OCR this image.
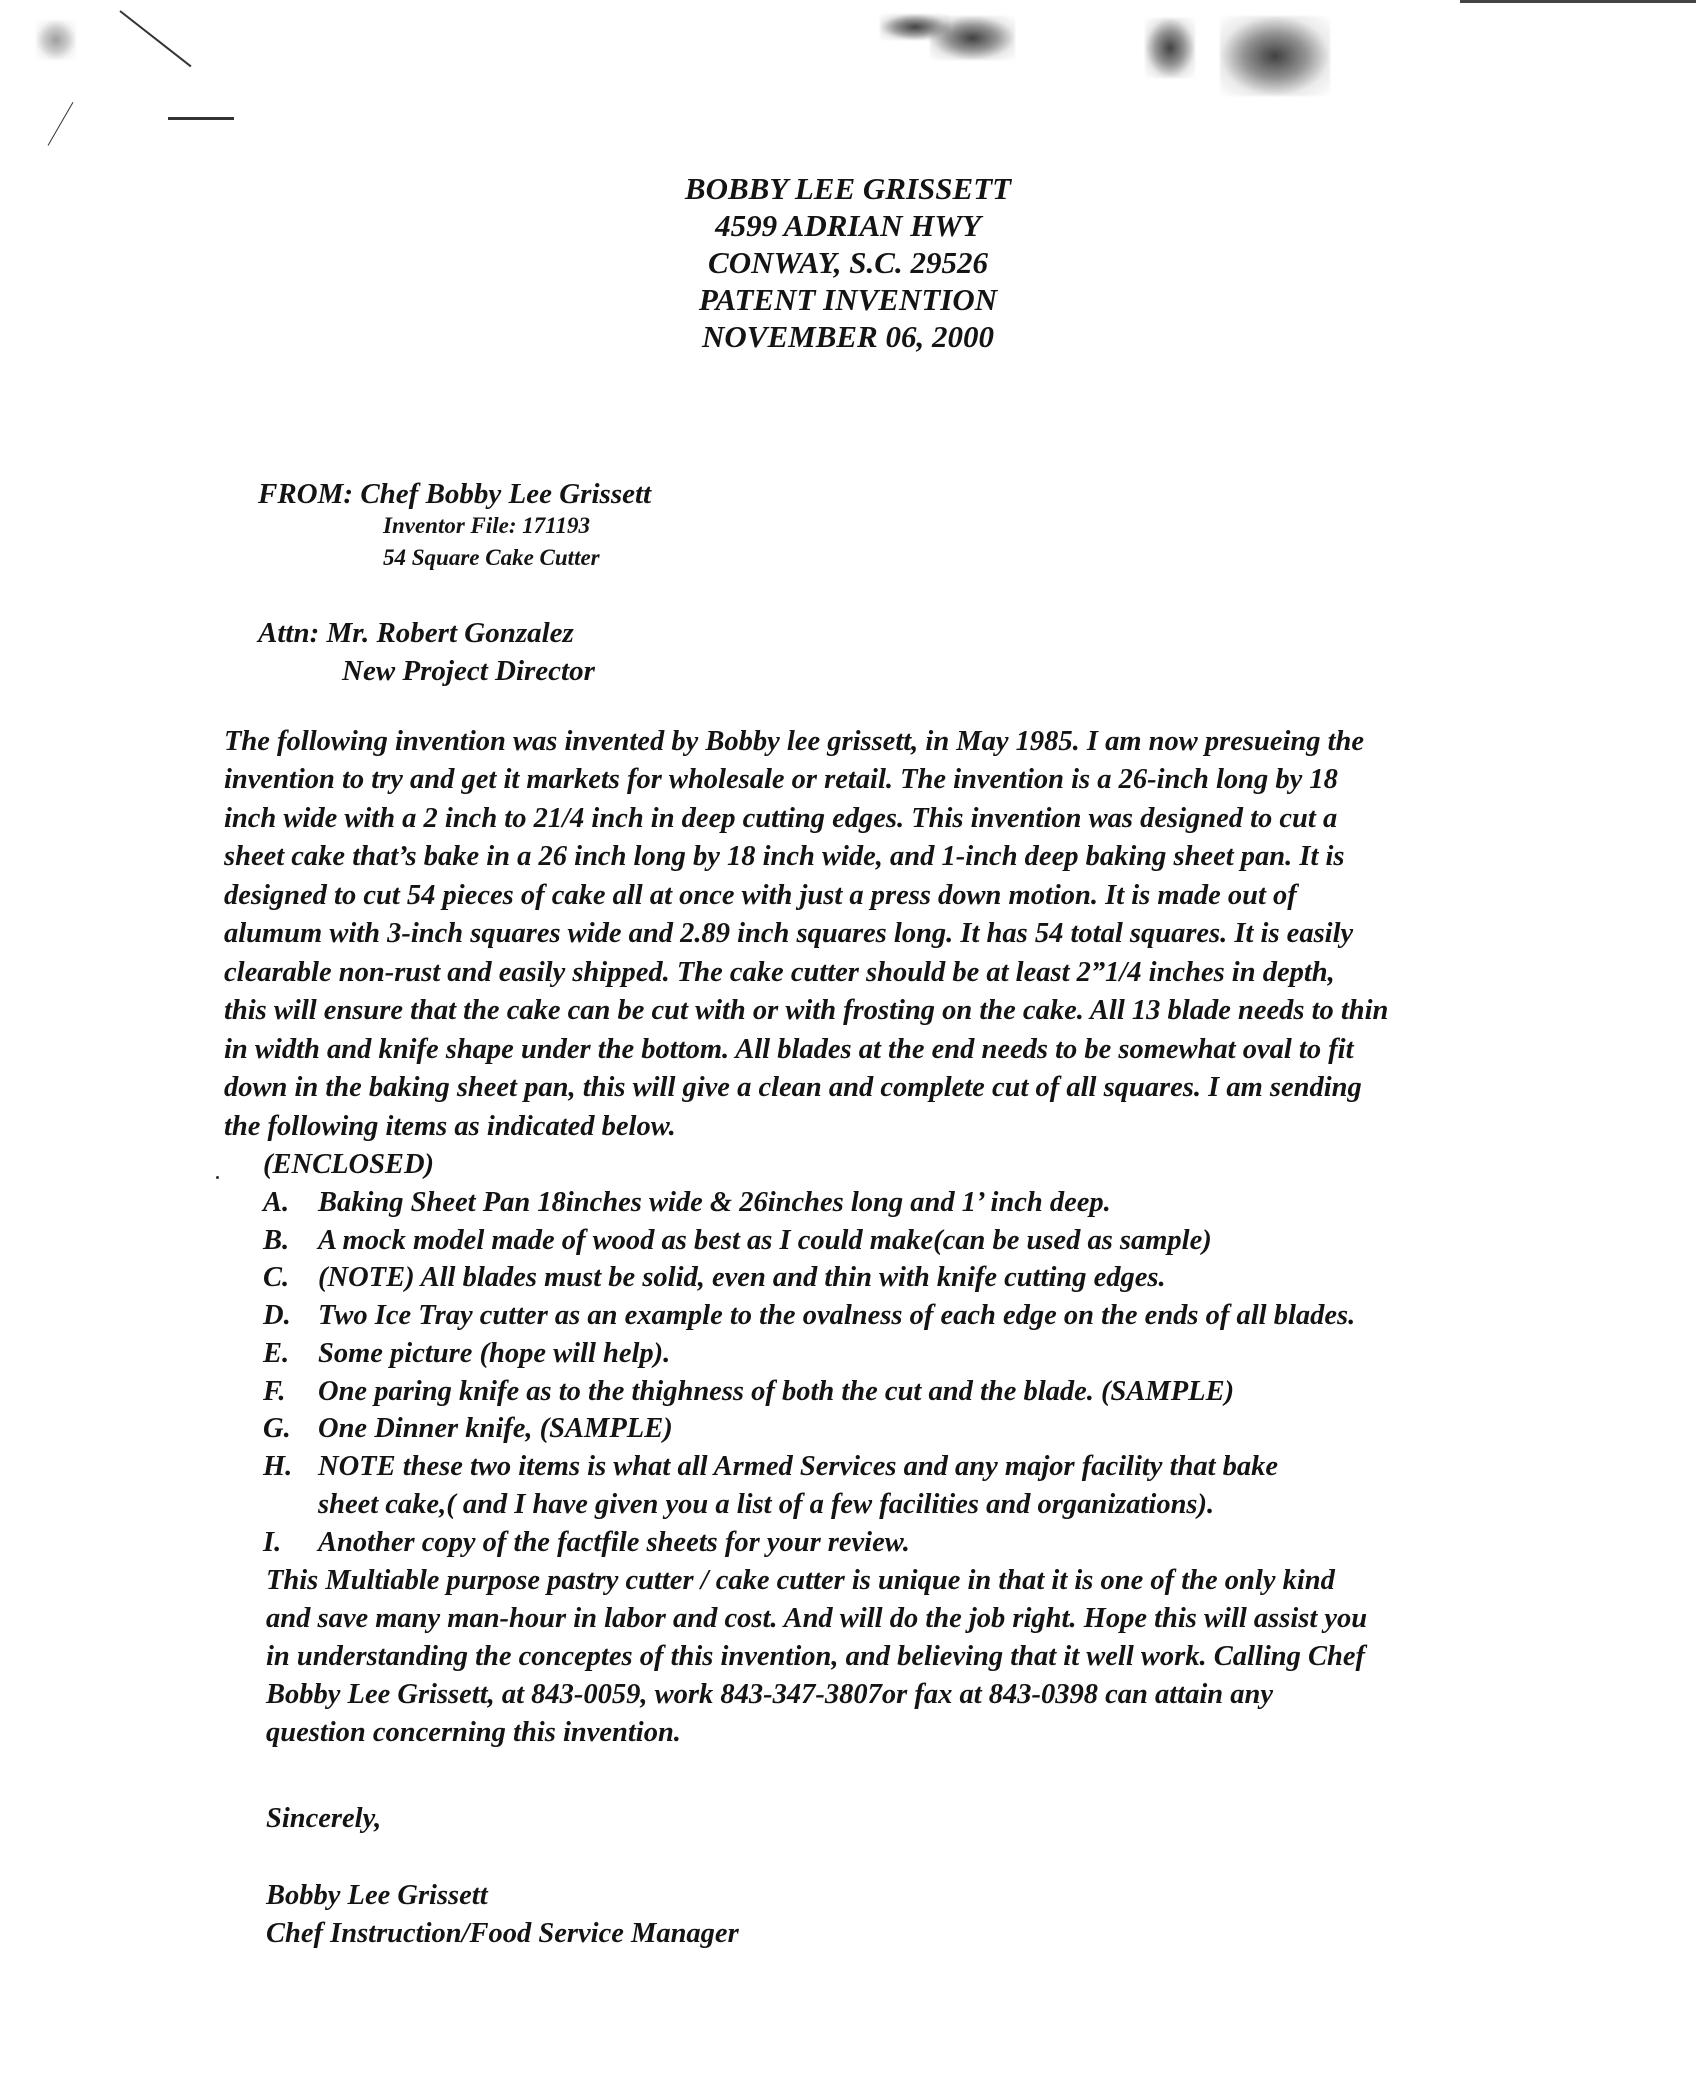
BOBBY LEE GRISSETT
4599 ADRIAN HWY
CONWAY, S.C. 29526
PATENT INVENTION
NOVEMBER 06, 2000
FROM: Chef Bobby Lee Grissett
Inventor File: 171193
54 Square Cake Cutter
Attn: Mr. Robert Gonzalez
New Project Director
The following invention was invented by Bobby lee grissett, in May 1985. I am now presueing the
invention to try and get it markets for wholesale or retail. The invention is a 26-inch long by 18
inch wide with a 2 inch to 21/4 inch in deep cutting edges. This invention was designed to cut a
sheet cake that’s bake in a 26 inch long by 18 inch wide, and 1-inch deep baking sheet pan. It is
designed to cut 54 pieces of cake all at once with just a press down motion. It is made out of
alumum with 3-inch squares wide and 2.89 inch squares long. It has 54 total squares. It is easily
clearable non-rust and easily shipped. The cake cutter should be at least 2”1/4 inches in depth,
this will ensure that the cake can be cut with or with frosting on the cake. All 13 blade needs to thin
in width and knife shape under the bottom. All blades at the end needs to be somewhat oval to fit
down in the baking sheet pan, this will give a clean and complete cut of all squares. I am sending
the following items as indicated below.
(ENCLOSED)
A. Baking Sheet Pan 18inches wide & 26inches long and 1’ inch deep.
B. A mock model made of wood as best as I could make(can be used as sample)
C. (NOTE) All blades must be solid, even and thin with knife cutting edges.
D. Two Ice Tray cutter as an example to the ovalness of each edge on the ends of all blades.
E. Some picture (hope will help).
F. One paring knife as to the thighness of both the cut and the blade. (SAMPLE)
G. One Dinner knife, (SAMPLE)
H. NOTE these two items is what all Armed Services and any major facility that bake
sheet cake,( and I have given you a list of a few facilities and organizations).
I. Another copy of the factfile sheets for your review.
This Multiable purpose pastry cutter / cake cutter is unique in that it is one of the only kind
and save many man-hour in labor and cost. And will do the job right. Hope this will assist you
in understanding the conceptes of this invention, and believing that it well work. Calling Chef
Bobby Lee Grissett, at 843-0059, work 843-347-3807or fax at 843-0398 can attain any
question concerning this invention.
Sincerely,
Bobby Lee Grissett
Chef Instruction/Food Service Manager
